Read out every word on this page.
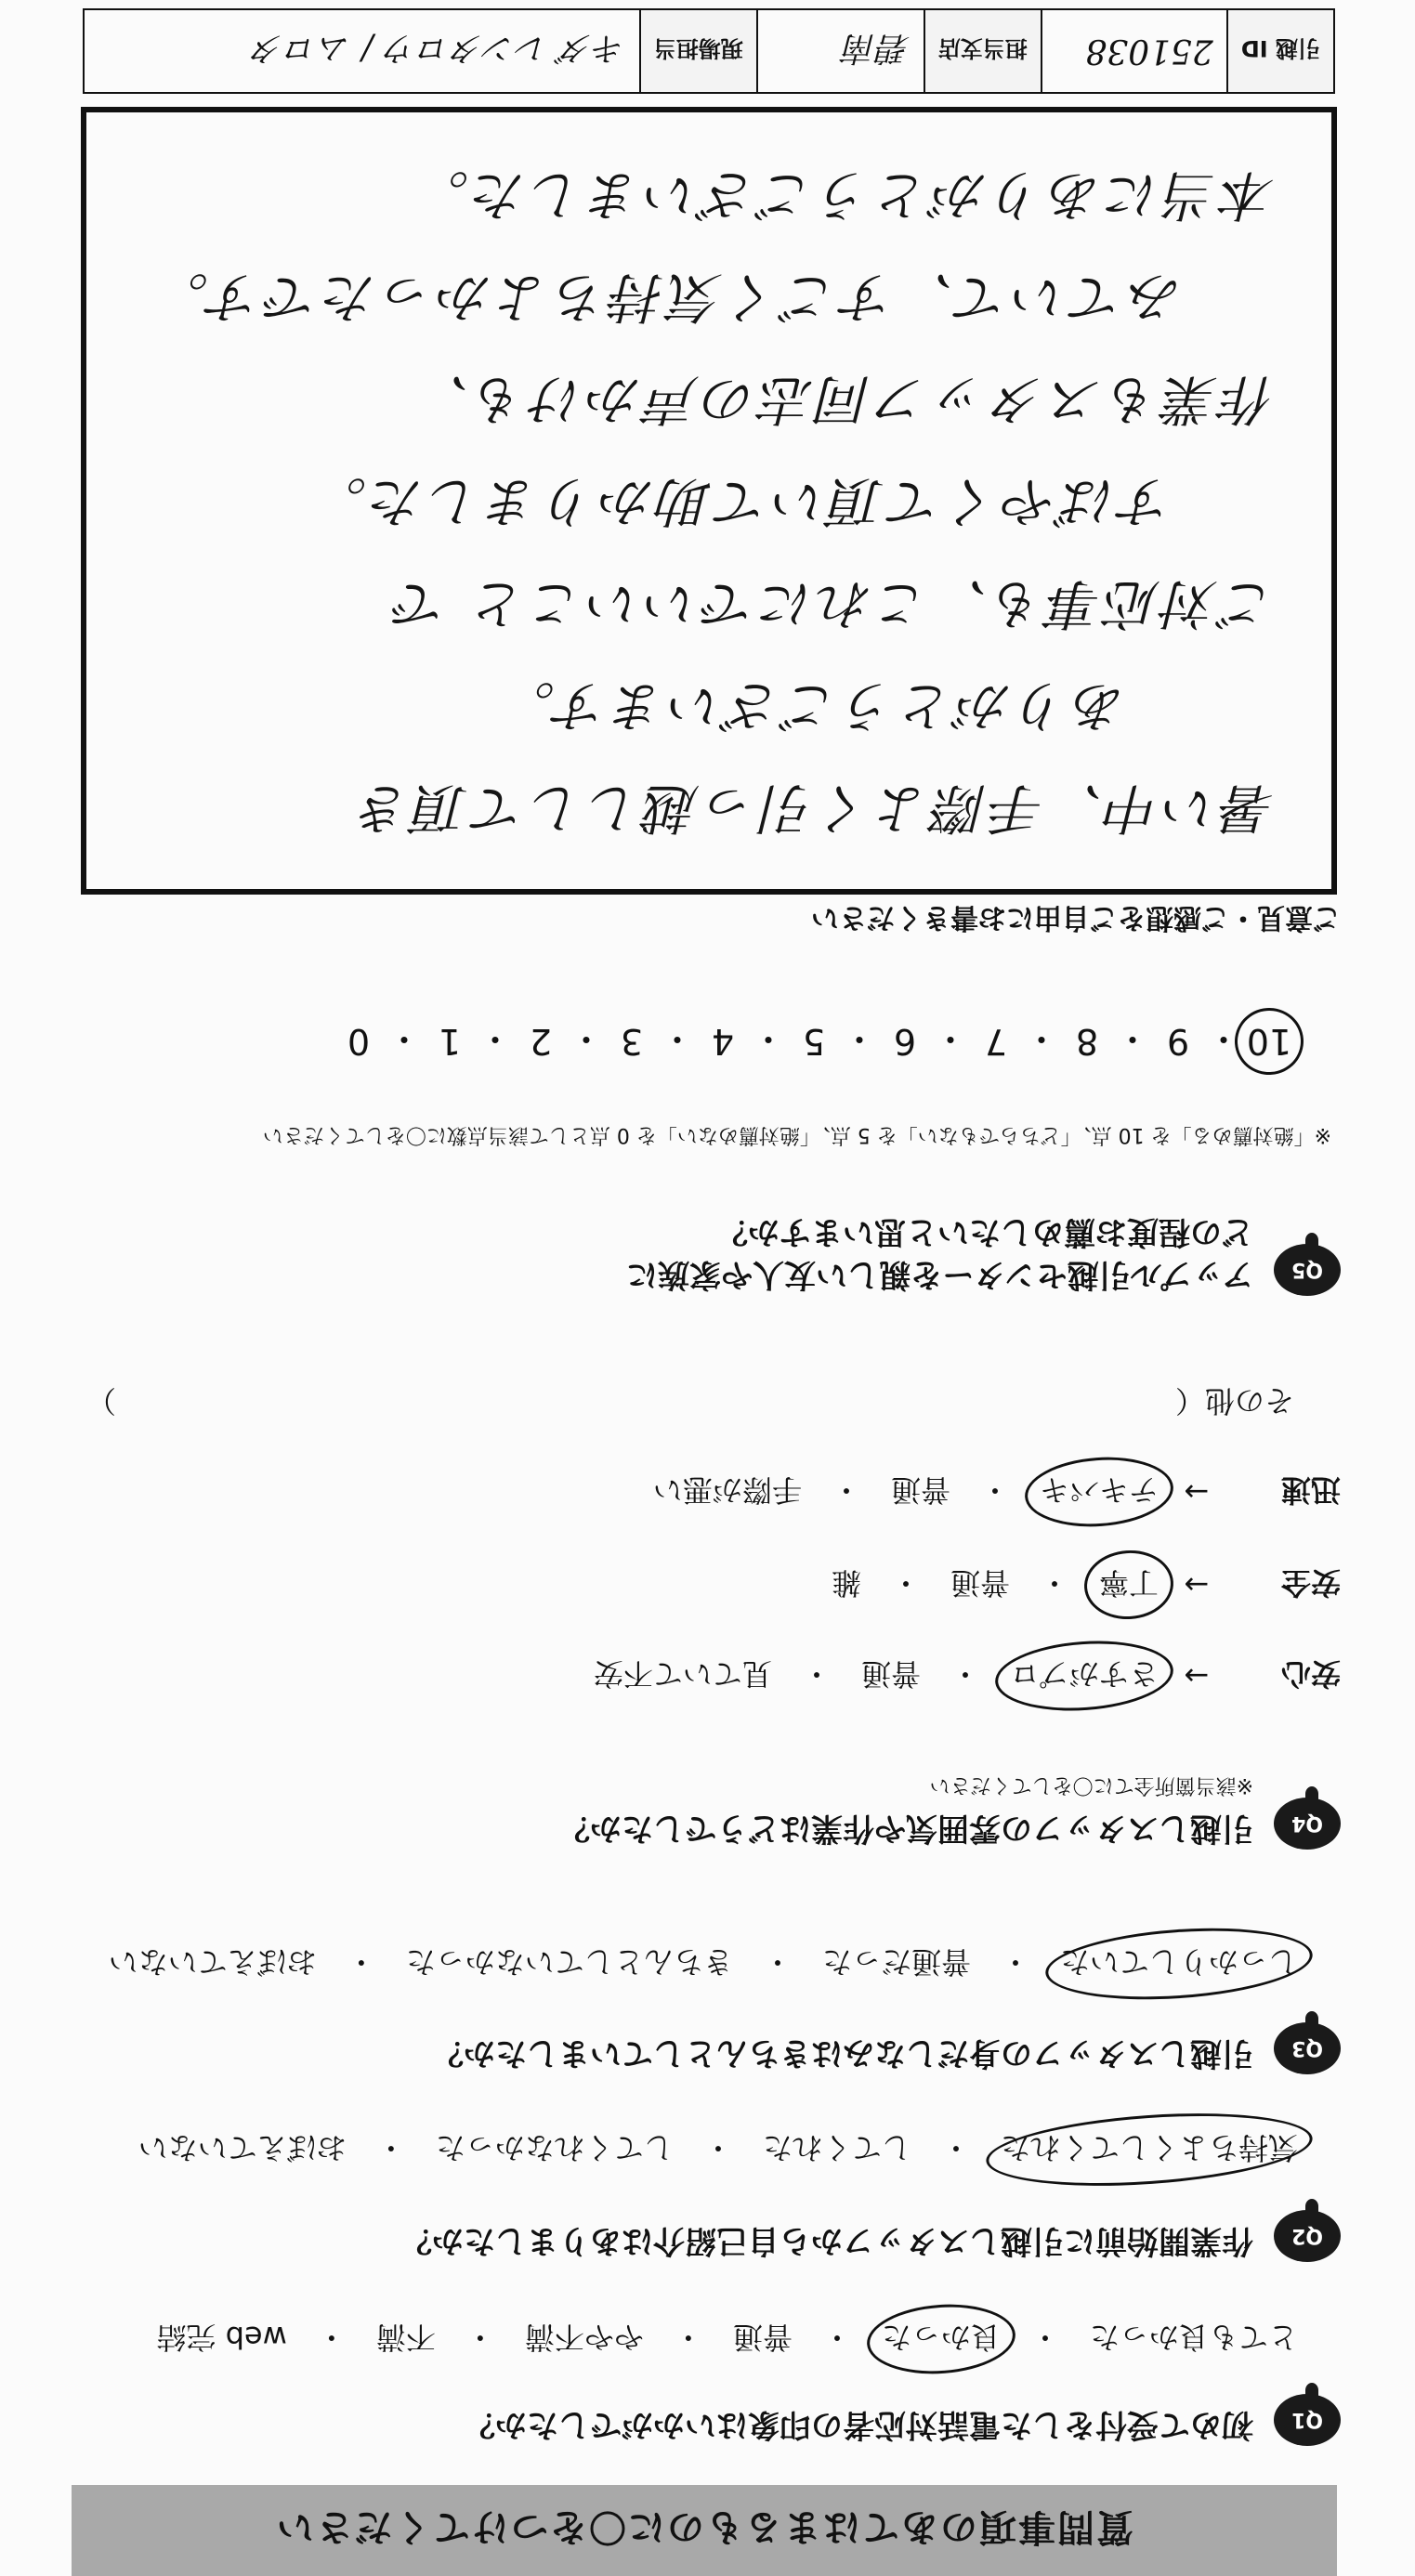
質問事項のあてはまるものに〇をつけてください
Q1
初めて受付をした電話対応者の印象はいかがでしたか？
とても良かった
・
良かった
・
普通
・
やや不満
・
不満
・
web 完結
Q2
作業開始前に引越しスタッフから自己紹介はありましたか？
気持ちよくしてくれた
・
してくれた
・
してくれなかった
・
おぼえていない
Q3
引越しスタッフの身だしなみはきちんとしていましたか？
しっかりしていた
・
普通だった
・
きちんとしていなかった
・
おぼえていない
Q4
引越しスタッフの雰囲気や作業はどうでしたか？
※該当箇所全てに〇をしてください
安心
→
さすがプロ
・
普通
・
見ていて不安
安全
→
丁寧
・
普通
・
雑
迅速
→
テキパキ
・
普通
・
手際が悪い
その他（
）
Q5
アップル引越センターを親しい友人や家族に
どの程度お薦めしたいと思いますか？
※「絶対薦める」を 10 点、「どちらでもない」を 5 点、「絶対薦めない」を 0 点として該当点数に〇をしてください
10
・
9
・
8
・
7
・
6
・
5
・
4
・
3
・
2
・
1
・
0
ご意見・ご感想をご自由にお書きください
暑い中、手際よく引っ越しして頂き
ありがとうございます。
ご対応事も、これにでいいこと で
すばやくて頂いて助かりました。
作業もスタッフ同志の声かけも、
みていて、すごく気持ちよかったです。
本当にありがとうございました。
引越 ID
251038
担当支店
碧南
現場担当
キダ レンタロウ / ムロタ
